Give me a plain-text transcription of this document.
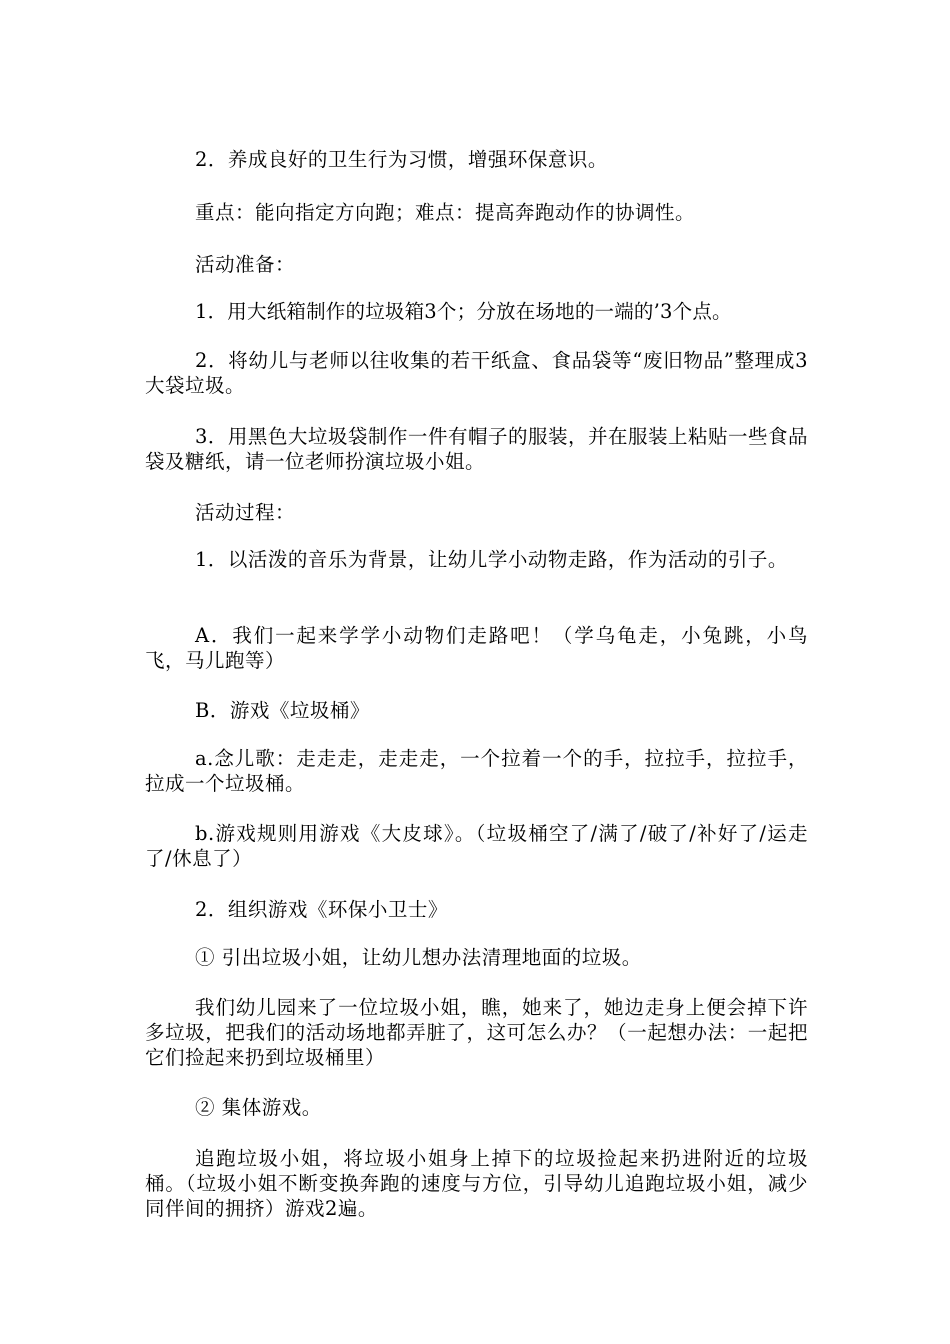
2．养成良好的卫生行为习惯，增强环保意识。

重点：能向指定方向跑；难点：提高奔跑动作的协调性。

活动准备：

1．用大纸箱制作的垃圾箱3个；分放在场地的一端的’3个点。

2．将幼儿与老师以往收集的若干纸盒、食品袋等“废旧物品”整理成3大袋垃圾。

3．用黑色大垃圾袋制作一件有帽子的服装，并在服装上粘贴一些食品袋及糖纸，请一位老师扮演垃圾小姐。

活动过程：

1．以活泼的音乐为背景，让幼儿学小动物走路，作为活动的引子。

A．我们一起来学学小动物们走路吧！（学乌龟走，小兔跳，小鸟飞，马儿跑等）

B．游戏《垃圾桶》

a.念儿歌：走走走，走走走，一个拉着一个的手，拉拉手，拉拉手，拉成一个垃圾桶。

b.游戏规则用游戏《大皮球》。（垃圾桶空了/满了/破了/补好了/运走了/休息了）

2．组织游戏《环保小卫士》

① 引出垃圾小姐，让幼儿想办法清理地面的垃圾。

我们幼儿园来了一位垃圾小姐，瞧，她来了，她边走身上便会掉下许多垃圾，把我们的活动场地都弄脏了，这可怎么办？（一起想办法：一起把它们捡起来扔到垃圾桶里）

② 集体游戏。

追跑垃圾小姐，将垃圾小姐身上掉下的垃圾捡起来扔进附近的垃圾桶。（垃圾小姐不断变换奔跑的速度与方位，引导幼儿追跑垃圾小姐，减少同伴间的拥挤）游戏2遍。
